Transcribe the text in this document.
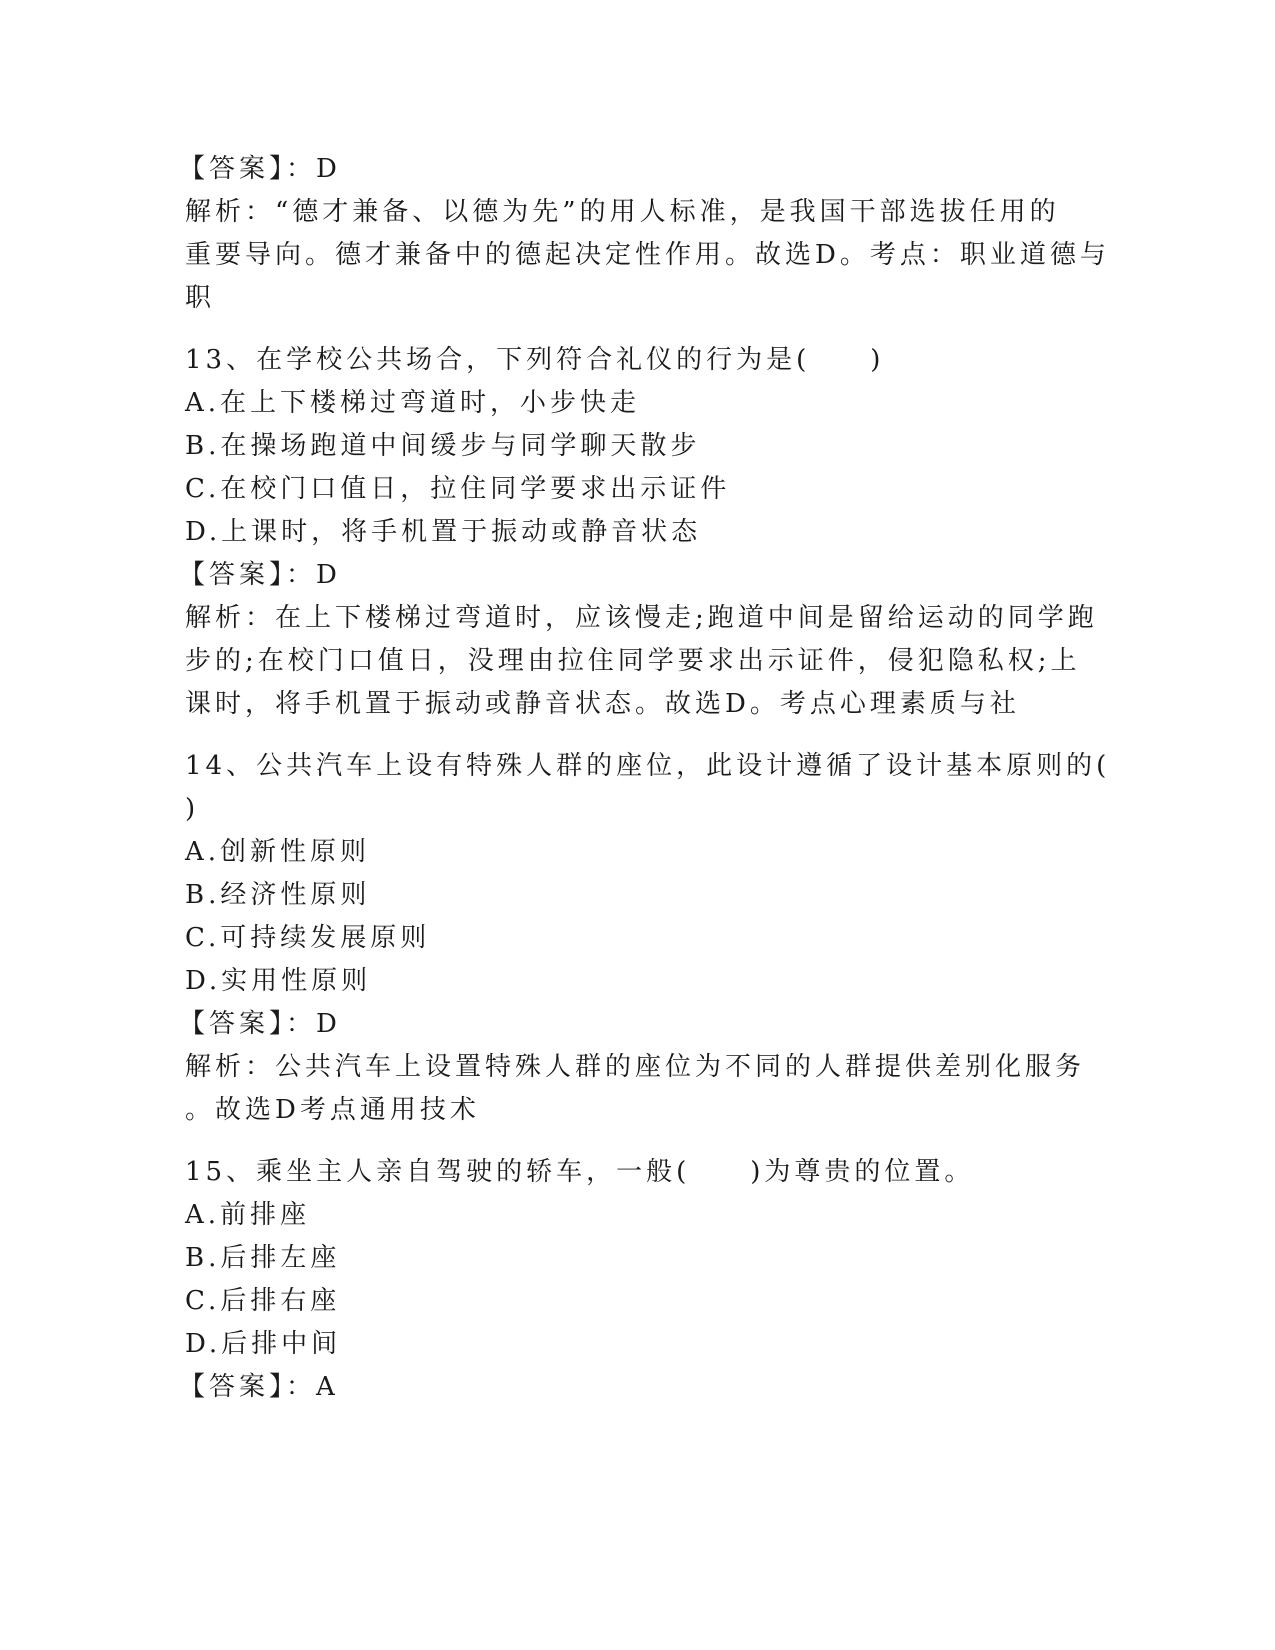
【答案】：D
解析：“德才兼备、以德为先”的用人标准，是我国干部选拔任用的
重要导向。德才兼备中的德起决定性作用。故选D。考点：职业道德与
职
13、在学校公共场合，下列符合礼仪的行为是(　　)
A.在上下楼梯过弯道时，小步快走
B.在操场跑道中间缓步与同学聊天散步
C.在校门口值日，拉住同学要求出示证件
D.上课时，将手机置于振动或静音状态
【答案】：D
解析：在上下楼梯过弯道时，应该慢走;跑道中间是留给运动的同学跑
步的;在校门口值日，没理由拉住同学要求出示证件，侵犯隐私权;上
课时，将手机置于振动或静音状态。故选D。考点心理素质与社
14、公共汽车上设有特殊人群的座位，此设计遵循了设计基本原则的(
)
A.创新性原则
B.经济性原则
C.可持续发展原则
D.实用性原则
【答案】：D
解析：公共汽车上设置特殊人群的座位为不同的人群提供差别化服务
。故选D考点通用技术
15、乘坐主人亲自驾驶的轿车，一般(　　)为尊贵的位置。
A.前排座
B.后排左座
C.后排右座
D.后排中间
【答案】：A
